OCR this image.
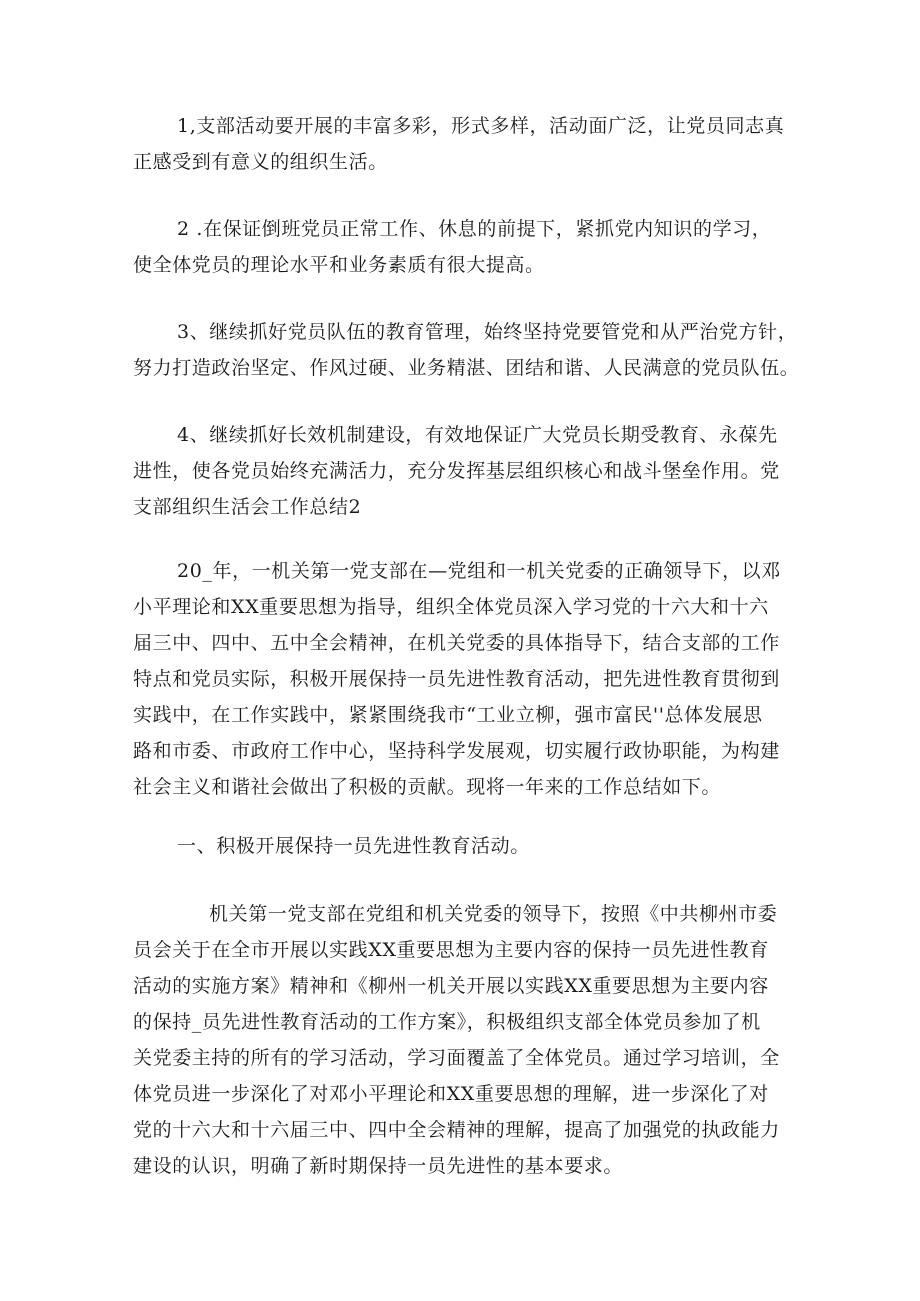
1,支部活动要开展的丰富多彩，形式多样，活动面广泛，让党员同志真
正感受到有意义的组织生活。

2 .在保证倒班党员正常工作、休息的前提下，紧抓党内知识的学习，
使全体党员的理论水平和业务素质有很大提高。

3、继续抓好党员队伍的教育管理，始终坚持党要管党和从严治党方针，
努力打造政治坚定、作风过硬、业务精湛、团结和谐、人民满意的党员队伍。

4、继续抓好长效机制建设，有效地保证广大党员长期受教育、永葆先
进性，使各党员始终充满活力，充分发挥基层组织核心和战斗堡垒作用。党
支部组织生活会工作总结2

20_年，一机关第一党支部在—党组和一机关党委的正确领导下，以邓
小平理论和XX重要思想为指导，组织全体党员深入学习党的十六大和十六
届三中、四中、五中全会精神，在机关党委的具体指导下，结合支部的工作
特点和党员实际，积极开展保持一员先进性教育活动，把先进性教育贯彻到
实践中，在工作实践中，紧紧围绕我市“工业立柳，强市富民''总体发展思
路和市委、市政府工作中心，坚持科学发展观，切实履行政协职能，为构建
社会主义和谐社会做出了积极的贡献。现将一年来的工作总结如下。

一、积极开展保持一员先进性教育活动。

机关第一党支部在党组和机关党委的领导下，按照《中共柳州市委
员会关于在全市开展以实践XX重要思想为主要内容的保持一员先进性教育
活动的实施方案》精神和《柳州一机关开展以实践XX重要思想为主要内容
的保持_员先进性教育活动的工作方案》，积极组织支部全体党员参加了机
关党委主持的所有的学习活动，学习面覆盖了全体党员。通过学习培训，全
体党员进一步深化了对邓小平理论和XX重要思想的理解，进一步深化了对
党的十六大和十六届三中、四中全会精神的理解，提高了加强党的执政能力
建设的认识，明确了新时期保持一员先进性的基本要求。
